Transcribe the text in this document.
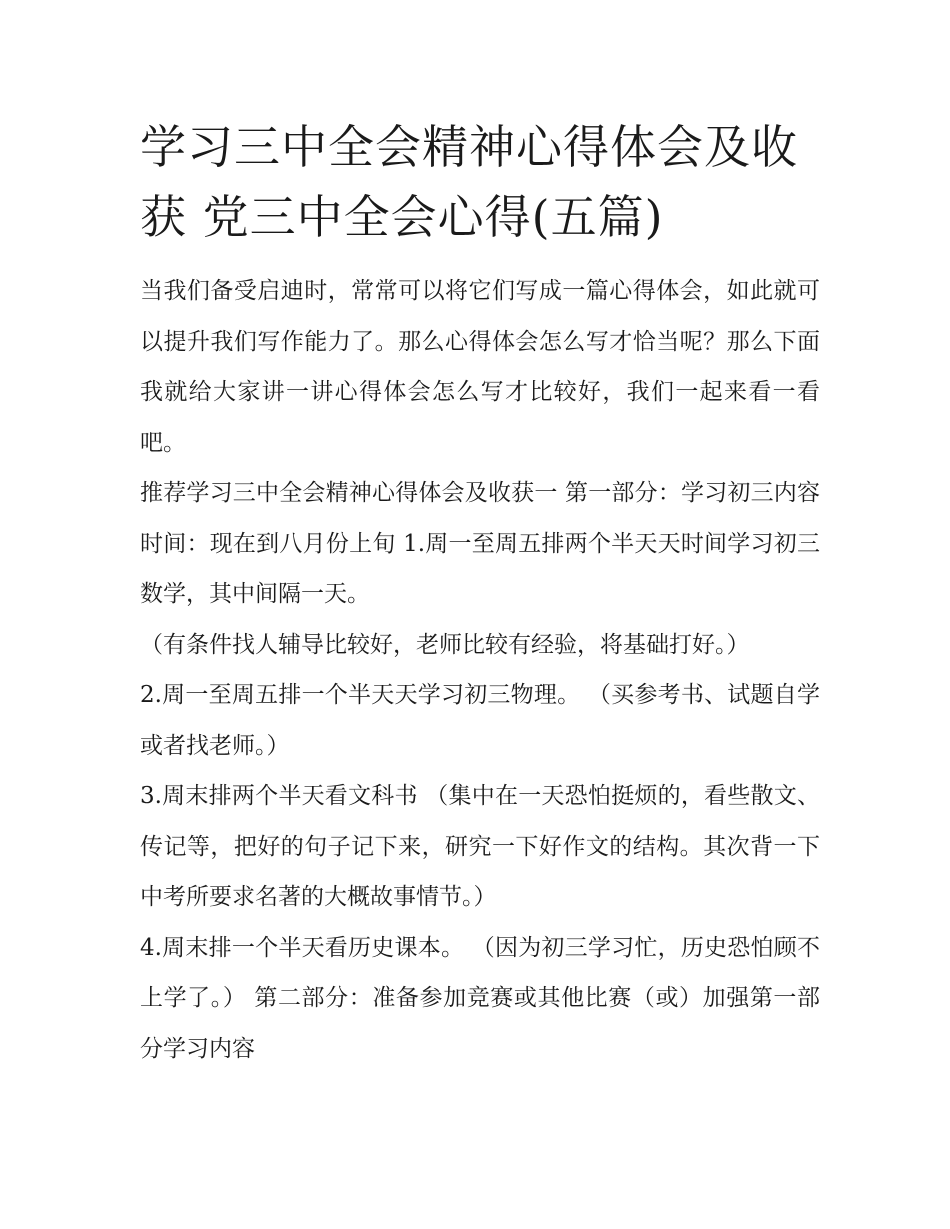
学习三中全会精神心得体会及收获 党三中全会心得(五篇)

当我们备受启迪时，常常可以将它们写成一篇心得体会，如此就可以提升我们写作能力了。那么心得体会怎么写才恰当呢？那么下面我就给大家讲一讲心得体会怎么写才比较好，我们一起来看一看吧。

推荐学习三中全会精神心得体会及收获一 第一部分：学习初三内容 时间：现在到八月份上旬 1.周一至周五排两个半天天时间学习初三数学，其中间隔一天。

（有条件找人辅导比较好，老师比较有经验，将基础打好。）

2.周一至周五排一个半天天学习初三物理。 （买参考书、试题自学或者找老师。）

3.周末排两个半天看文科书 （集中在一天恐怕挺烦的，看些散文、传记等，把好的句子记下来，研究一下好作文的结构。其次背一下中考所要求名著的大概故事情节。）

4.周末排一个半天看历史课本。 （因为初三学习忙，历史恐怕顾不上学了。） 第二部分：准备参加竞赛或其他比赛（或）加强第一部分学习内容
